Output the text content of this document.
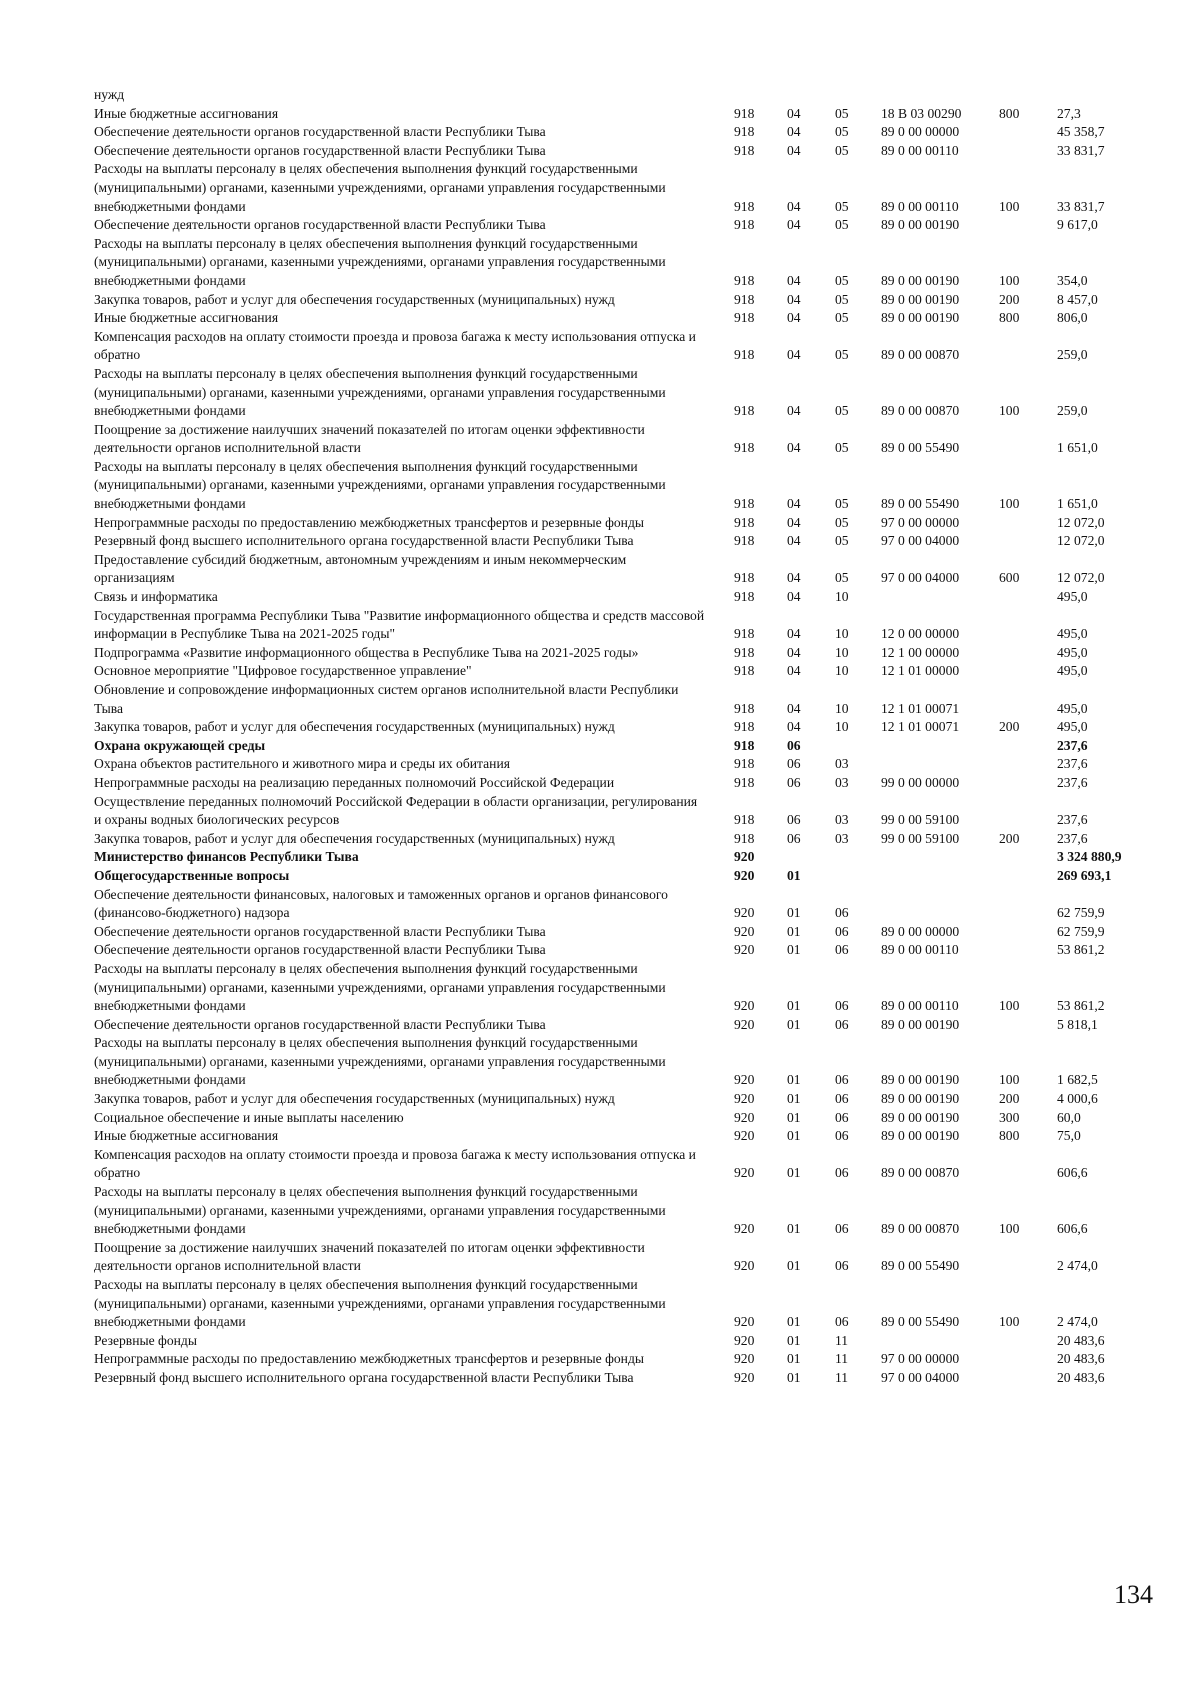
нужд						
Иные бюджетные ассигнования	918	04	05	18 В 03 00290	800	27,3
Обеспечение деятельности органов государственной власти Республики Тыва	918	04	05	89 0 00 00000		45 358,7
Обеспечение деятельности органов государственной власти Республики Тыва	918	04	05	89 0 00 00110		33 831,7
Расходы на выплаты персоналу в целях обеспечения выполнения функций государственными (муниципальными) органами, казенными учреждениями, органами управления государственными внебюджетными фондами	918	04	05	89 0 00 00110	100	33 831,7
Обеспечение деятельности органов государственной власти Республики Тыва	918	04	05	89 0 00 00190		9 617,0
Расходы на выплаты персоналу в целях обеспечения выполнения функций государственными (муниципальными) органами, казенными учреждениями, органами управления государственными внебюджетными фондами	918	04	05	89 0 00 00190	100	354,0
Закупка товаров, работ и услуг для обеспечения государственных (муниципальных) нужд	918	04	05	89 0 00 00190	200	8 457,0
Иные бюджетные ассигнования	918	04	05	89 0 00 00190	800	806,0
Компенсация расходов на оплату стоимости проезда и провоза багажа к месту использования отпуска и обратно	918	04	05	89 0 00 00870		259,0
Расходы на выплаты персоналу в целях обеспечения выполнения функций государственными (муниципальными) органами, казенными учреждениями, органами управления государственными внебюджетными фондами	918	04	05	89 0 00 00870	100	259,0
Поощрение за достижение наилучших значений показателей по итогам оценки эффективности деятельности органов исполнительной власти	918	04	05	89 0 00 55490		1 651,0
Расходы на выплаты персоналу в целях обеспечения выполнения функций государственными (муниципальными) органами, казенными учреждениями, органами управления государственными внебюджетными фондами	918	04	05	89 0 00 55490	100	1 651,0
Непрограммные расходы по предоставлению межбюджетных трансфертов и резервные фонды	918	04	05	97 0 00 00000		12 072,0
Резервный фонд высшего исполнительного органа государственной власти Республики Тыва	918	04	05	97 0 00 04000		12 072,0
Предоставление субсидий бюджетным, автономным учреждениям и иным некоммерческим организациям	918	04	05	97 0 00 04000	600	12 072,0
Связь и информатика	918	04	10			495,0
Государственная программа Республики Тыва "Развитие информационного общества и средств массовой информации в Республике Тыва на 2021-2025 годы"	918	04	10	12 0 00 00000		495,0
Подпрограмма «Развитие информационного общества в Республике Тыва на 2021-2025 годы»	918	04	10	12 1 00 00000		495,0
Основное мероприятие "Цифровое государственное управление"	918	04	10	12 1 01 00000		495,0
Обновление и сопровождение информационных систем органов исполнительной власти Республики Тыва	918	04	10	12 1 01 00071		495,0
Закупка товаров, работ и услуг для обеспечения государственных (муниципальных) нужд	918	04	10	12 1 01 00071	200	495,0
Охрана окружающей среды	918	06				237,6
Охрана объектов растительного и животного мира и среды их обитания	918	06	03			237,6
Непрограммные расходы на реализацию переданных полномочий Российской Федерации	918	06	03	99 0 00 00000		237,6
Осуществление переданных полномочий Российской Федерации в области организации, регулирования и охраны водных биологических ресурсов	918	06	03	99 0 00 59100		237,6
Закупка товаров, работ и услуг для обеспечения государственных (муниципальных) нужд	918	06	03	99 0 00 59100	200	237,6
Министерство финансов Республики Тыва	920					3 324 880,9
Общегосударственные вопросы	920	01				269 693,1
Обеспечение деятельности финансовых, налоговых и таможенных органов и органов финансового (финансово-бюджетного) надзора	920	01	06			62 759,9
Обеспечение деятельности органов государственной власти Республики Тыва	920	01	06	89 0 00 00000		62 759,9
Обеспечение деятельности органов государственной власти Республики Тыва	920	01	06	89 0 00 00110		53 861,2
Расходы на выплаты персоналу в целях обеспечения выполнения функций государственными (муниципальными) органами, казенными учреждениями, органами управления государственными внебюджетными фондами	920	01	06	89 0 00 00110	100	53 861,2
Обеспечение деятельности органов государственной власти Республики Тыва	920	01	06	89 0 00 00190		5 818,1
Расходы на выплаты персоналу в целях обеспечения выполнения функций государственными (муниципальными) органами, казенными учреждениями, органами управления государственными внебюджетными фондами	920	01	06	89 0 00 00190	100	1 682,5
Закупка товаров, работ и услуг для обеспечения государственных (муниципальных) нужд	920	01	06	89 0 00 00190	200	4 000,6
Социальное обеспечение и иные выплаты населению	920	01	06	89 0 00 00190	300	60,0
Иные бюджетные ассигнования	920	01	06	89 0 00 00190	800	75,0
Компенсация расходов на оплату стоимости проезда и провоза багажа к месту использования отпуска и обратно	920	01	06	89 0 00 00870		606,6
Расходы на выплаты персоналу в целях обеспечения выполнения функций государственными (муниципальными) органами, казенными учреждениями, органами управления государственными внебюджетными фондами	920	01	06	89 0 00 00870	100	606,6
Поощрение за достижение наилучших значений показателей по итогам оценки эффективности деятельности органов исполнительной власти	920	01	06	89 0 00 55490		2 474,0
Расходы на выплаты персоналу в целях обеспечения выполнения функций государственными (муниципальными) органами, казенными учреждениями, органами управления государственными внебюджетными фондами	920	01	06	89 0 00 55490	100	2 474,0
Резервные фонды	920	01	11			20 483,6
Непрограммные расходы по предоставлению межбюджетных трансфертов и резервные фонды	920	01	11	97 0 00 00000		20 483,6
Резервный фонд высшего исполнительного органа государственной власти Республики Тыва	920	01	11	97 0 00 04000		20 483,6
134
